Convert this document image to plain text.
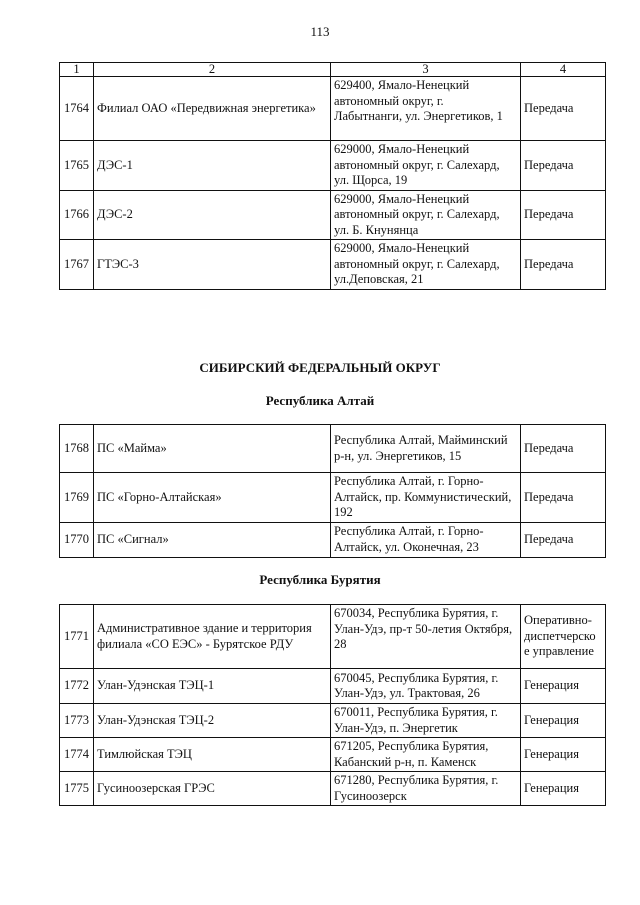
113
1	2	3	4
1764	Филиал ОАО «Передвижная энергетика»	629400, Ямало-Ненецкий
автономный округ, г.
Лабытнанги, ул. Энергетиков, 1	Передача
1765	ДЭС-1	629000, Ямало-Ненецкий
автономный округ, г. Салехард,
ул. Щорса, 19	Передача
1766	ДЭС-2	629000, Ямало-Ненецкий
автономный округ, г. Салехард,
ул. Б. Кнунянца	Передача
1767	ГТЭС-3	629000, Ямало-Ненецкий
автономный округ, г. Салехард,
ул.Деповская, 21	Передача
СИБИРСКИЙ ФЕДЕРАЛЬНЫЙ ОКРУГ
Республика Алтай
1768	ПС «Майма»	Республика Алтай, Майминский
р-н, ул. Энергетиков, 15	Передача
1769	ПС «Горно-Алтайская»	Республика Алтай, г. Горно-
Алтайск, пр. Коммунистический,
192	Передача
1770	ПС «Сигнал»	Республика Алтай, г. Горно-
Алтайск, ул. Оконечная, 23	Передача
Республика Бурятия
1771	Административное здание и территория
филиала «СО ЕЭС» - Бурятское РДУ	670034, Республика Бурятия, г.
Улан-Удэ, пр-т 50-летия Октября,
28	Оперативно-
диспетчерско
е управление
1772	Улан-Удэнская ТЭЦ-1	670045, Республика Бурятия, г.
Улан-Удэ, ул. Трактовая, 26	Генерация
1773	Улан-Удэнская ТЭЦ-2	670011, Республика Бурятия, г.
Улан-Удэ, п. Энергетик	Генерация
1774	Тимлюйская ТЭЦ	671205, Республика Бурятия,
Кабанский р-н, п. Каменск	Генерация
1775	Гусиноозерская ГРЭС	671280, Республика Бурятия, г.
Гусиноозерск	Генерация
